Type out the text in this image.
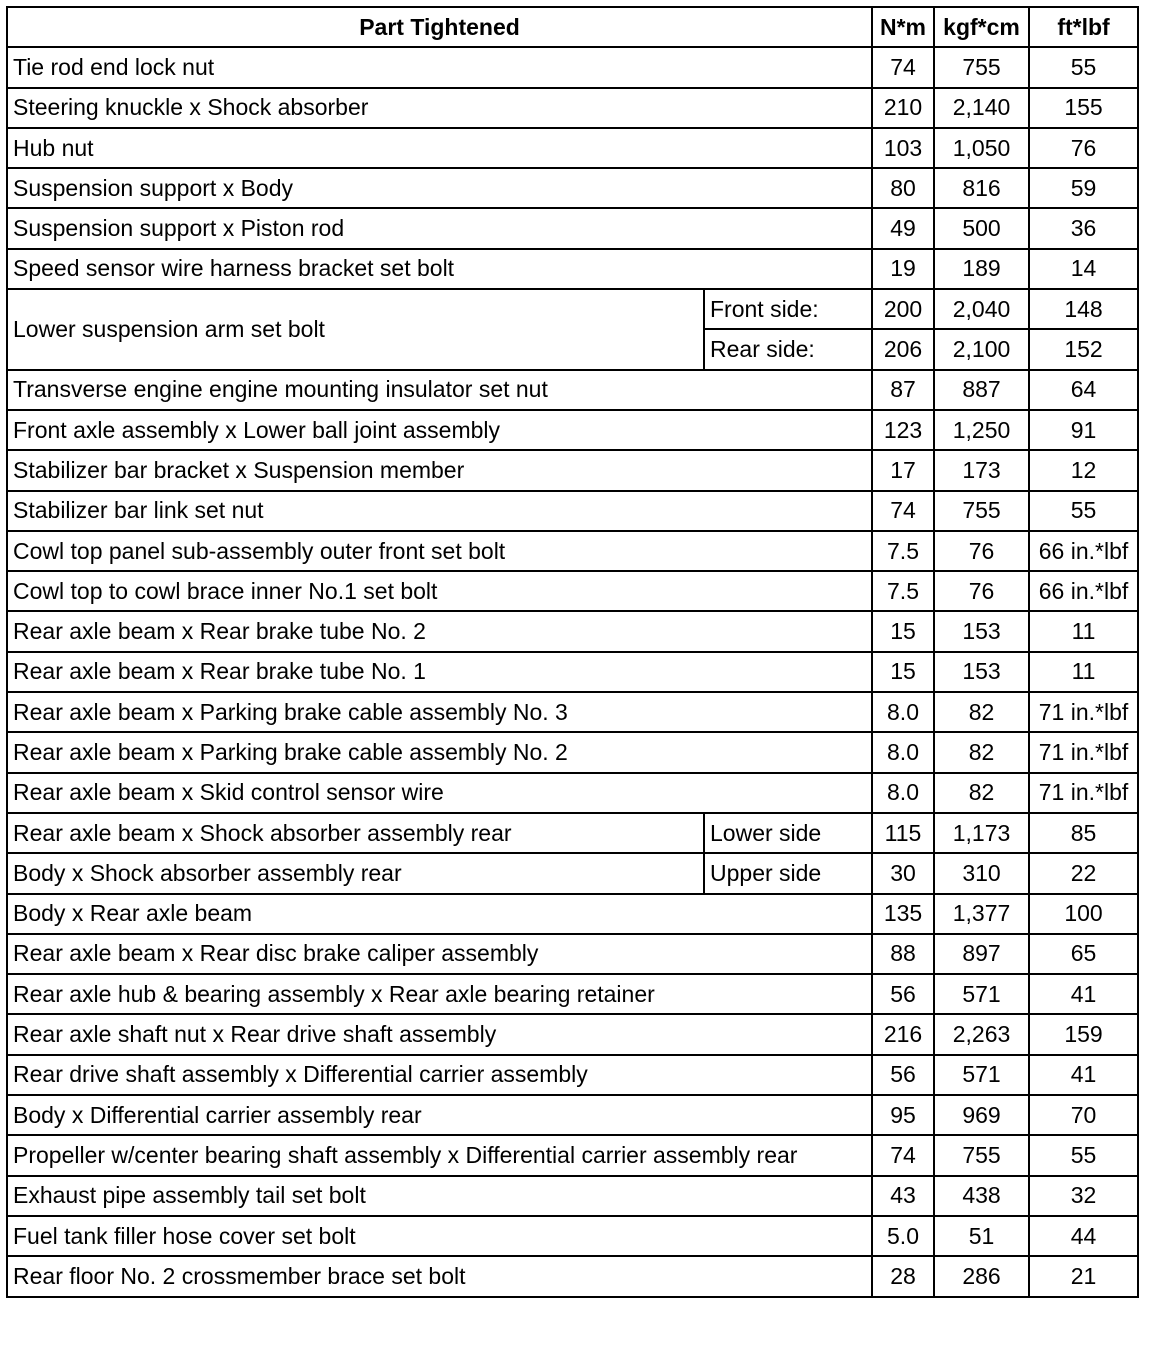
Part Tightened		N*m	kgf*cm	ft*lbf
Tie rod end lock nut		74	755	55
Steering knuckle x Shock absorber		210	2,140	155
Hub nut		103	1,050	76
Suspension support x Body		80	816	59
Suspension support x Piston rod		49	500	36
Speed sensor wire harness bracket set bolt		19	189	14
Lower suspension arm set bolt	Front side:	200	2,040	148
	Rear side:	206	2,100	152
Transverse engine engine mounting insulator set nut		87	887	64
Front axle assembly x Lower ball joint assembly		123	1,250	91
Stabilizer bar bracket x Suspension member		17	173	12
Stabilizer bar link set nut		74	755	55
Cowl top panel sub-assembly outer front set bolt		7.5	76	66 in.*lbf
Cowl top to cowl brace inner No.1 set bolt		7.5	76	66 in.*lbf
Rear axle beam x Rear brake tube No. 2		15	153	11
Rear axle beam x Rear brake tube No. 1		15	153	11
Rear axle beam x Parking brake cable assembly No. 3		8.0	82	71 in.*lbf
Rear axle beam x Parking brake cable assembly No. 2		8.0	82	71 in.*lbf
Rear axle beam x Skid control sensor wire		8.0	82	71 in.*lbf
Rear axle beam x Shock absorber assembly rear	Lower side	115	1,173	85
Body x Shock absorber assembly rear	Upper side	30	310	22
Body x Rear axle beam		135	1,377	100
Rear axle beam x Rear disc brake caliper assembly		88	897	65
Rear axle hub & bearing assembly x Rear axle bearing retainer		56	571	41
Rear axle shaft nut x Rear drive shaft assembly		216	2,263	159
Rear drive shaft assembly x Differential carrier assembly		56	571	41
Body x Differential carrier assembly rear		95	969	70
Propeller w/center bearing shaft assembly x Differential carrier assembly rear		74	755	55
Exhaust pipe assembly tail set bolt		43	438	32
Fuel tank filler hose cover set bolt		5.0	51	44
Rear floor No. 2 crossmember brace set bolt		28	286	21
